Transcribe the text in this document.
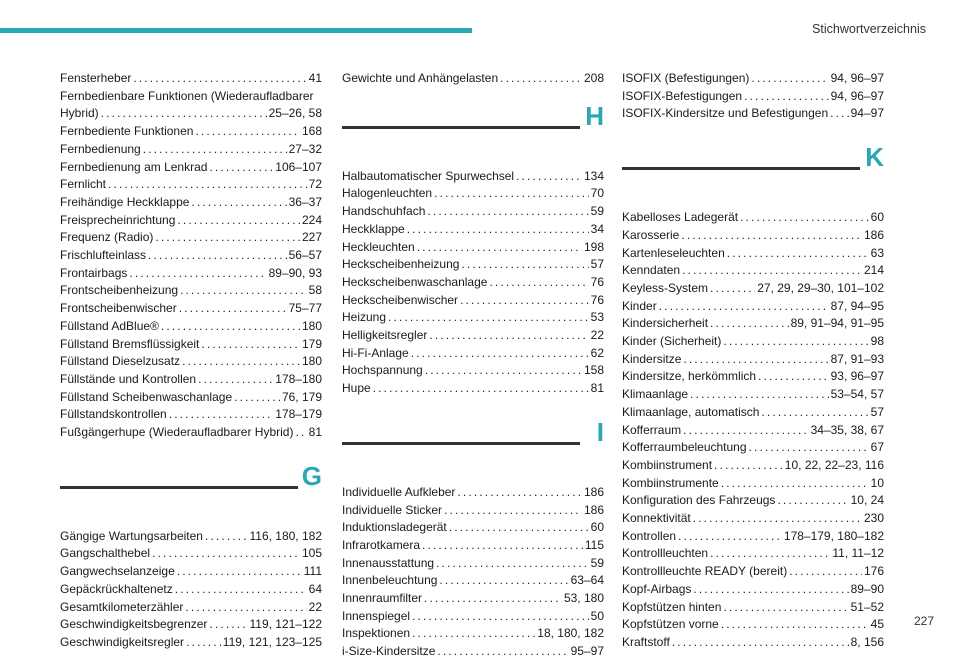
Stichwortverzeichnis
Fensterheber . . .	41
Fernbedienbare Funktionen (Wiederaufladbarer
Hybrid) . . .	25–26, 58
Fernbediente Funktionen . . .	168
Fernbedienung . . .	27–32
Fernbedienung am Lenkrad . . .	106–107
Fernlicht . . .	72
Freihändige Heckklappe . . .	36–37
Freisprecheinrichtung . . .	224
Frequenz (Radio) . . .	227
Frischlufteinlass . . .	56–57
Frontairbags . . .	89–90, 93
Frontscheibenheizung . . .	58
Frontscheibenwischer . . .	75–77
Füllstand AdBlue® . . .	180
Füllstand Bremsflüssigkeit . . .	179
Füllstand Dieselzusatz . . .	180
Füllstände und Kontrollen . . .	178–180
Füllstand Scheibenwaschanlage . . .	76, 179
Füllstandskontrollen . . .	178–179
Fußgängerhupe (Wiederaufladbarer Hybrid) . . . 81
G
Gängige Wartungsarbeiten . . .	116, 180, 182
Gangschalthebel . . .	105
Gangwechselanzeige . . .	111
Gepäckrückhaltenetz . . .	64
Gesamtkilometerzähler . . .	22
Geschwindigkeitsbegrenzer . . .	119, 121–122
Geschwindigkeitsregler . . .	119, 121, 123–125
Gewichte und Anhängelasten . . .	208
H
Halbautomatischer Spurwechsel . . .	134
Halogenleuchten . . .	70
Handschuhfach . . .	59
Heckklappe . . .	34
Heckleuchten . . .	198
Heckscheibenheizung . . .	57
Heckscheibenwaschanlage . . .	76
Heckscheibenwischer . . .	76
Heizung . . .	53
Helligkeitsregler . . .	22
Hi-Fi-Anlage . . .	62
Hochspannung . . .	158
Hupe . . .	81
I
Individuelle Aufkleber . . .	186
Individuelle Sticker . . .	186
Induktionsladegerät . . .	60
Infrarotkamera . . .	115
Innenausstattung . . .	59
Innenbeleuchtung . . .	63–64
Innenraumfilter . . .	53, 180
Innenspiegel . . .	50
Inspektionen . . .	18, 180, 182
i-Size-Kindersitze . . .	95–97
ISOFIX (Befestigungen) . . .	94, 96–97
ISOFIX-Befestigungen . . .	94, 96–97
ISOFIX-Kindersitze und Befestigungen . . . 94–97
K
Kabelloses Ladegerät . . .	60
Karosserie . . .	186
Kartenleseleuchten . . .	63
Kenndaten . . .	214
Keyless-System . . .	27, 29, 29–30, 101–102
Kinder . . .	87, 94–95
Kindersicherheit . . .	89, 91–94, 91–95
Kinder (Sicherheit) . . .	98
Kindersitze . . .	87, 91–93
Kindersitze, herkömmlich . . .	93, 96–97
Klimaanlage . . .	53–54, 57
Klimaanlage, automatisch . . .	57
Kofferraum . . .	34–35, 38, 67
Kofferraumbeleuchtung . . .	67
Kombiinstrument . . .	10, 22, 22–23, 116
Kombiinstrumente . . .	10
Konfiguration des Fahrzeugs . . .	10, 24
Konnektivität . . .	230
Kontrollen . . .	178–179, 180–182
Kontrollleuchten . . .	11, 11–12
Kontrollleuchte READY (bereit) . . .	176
Kopf-Airbags . . .	89–90
Kopfstützen hinten . . .	51–52
Kopfstützen vorne . . .	45
Kraftstoff . . .	8, 156
227
